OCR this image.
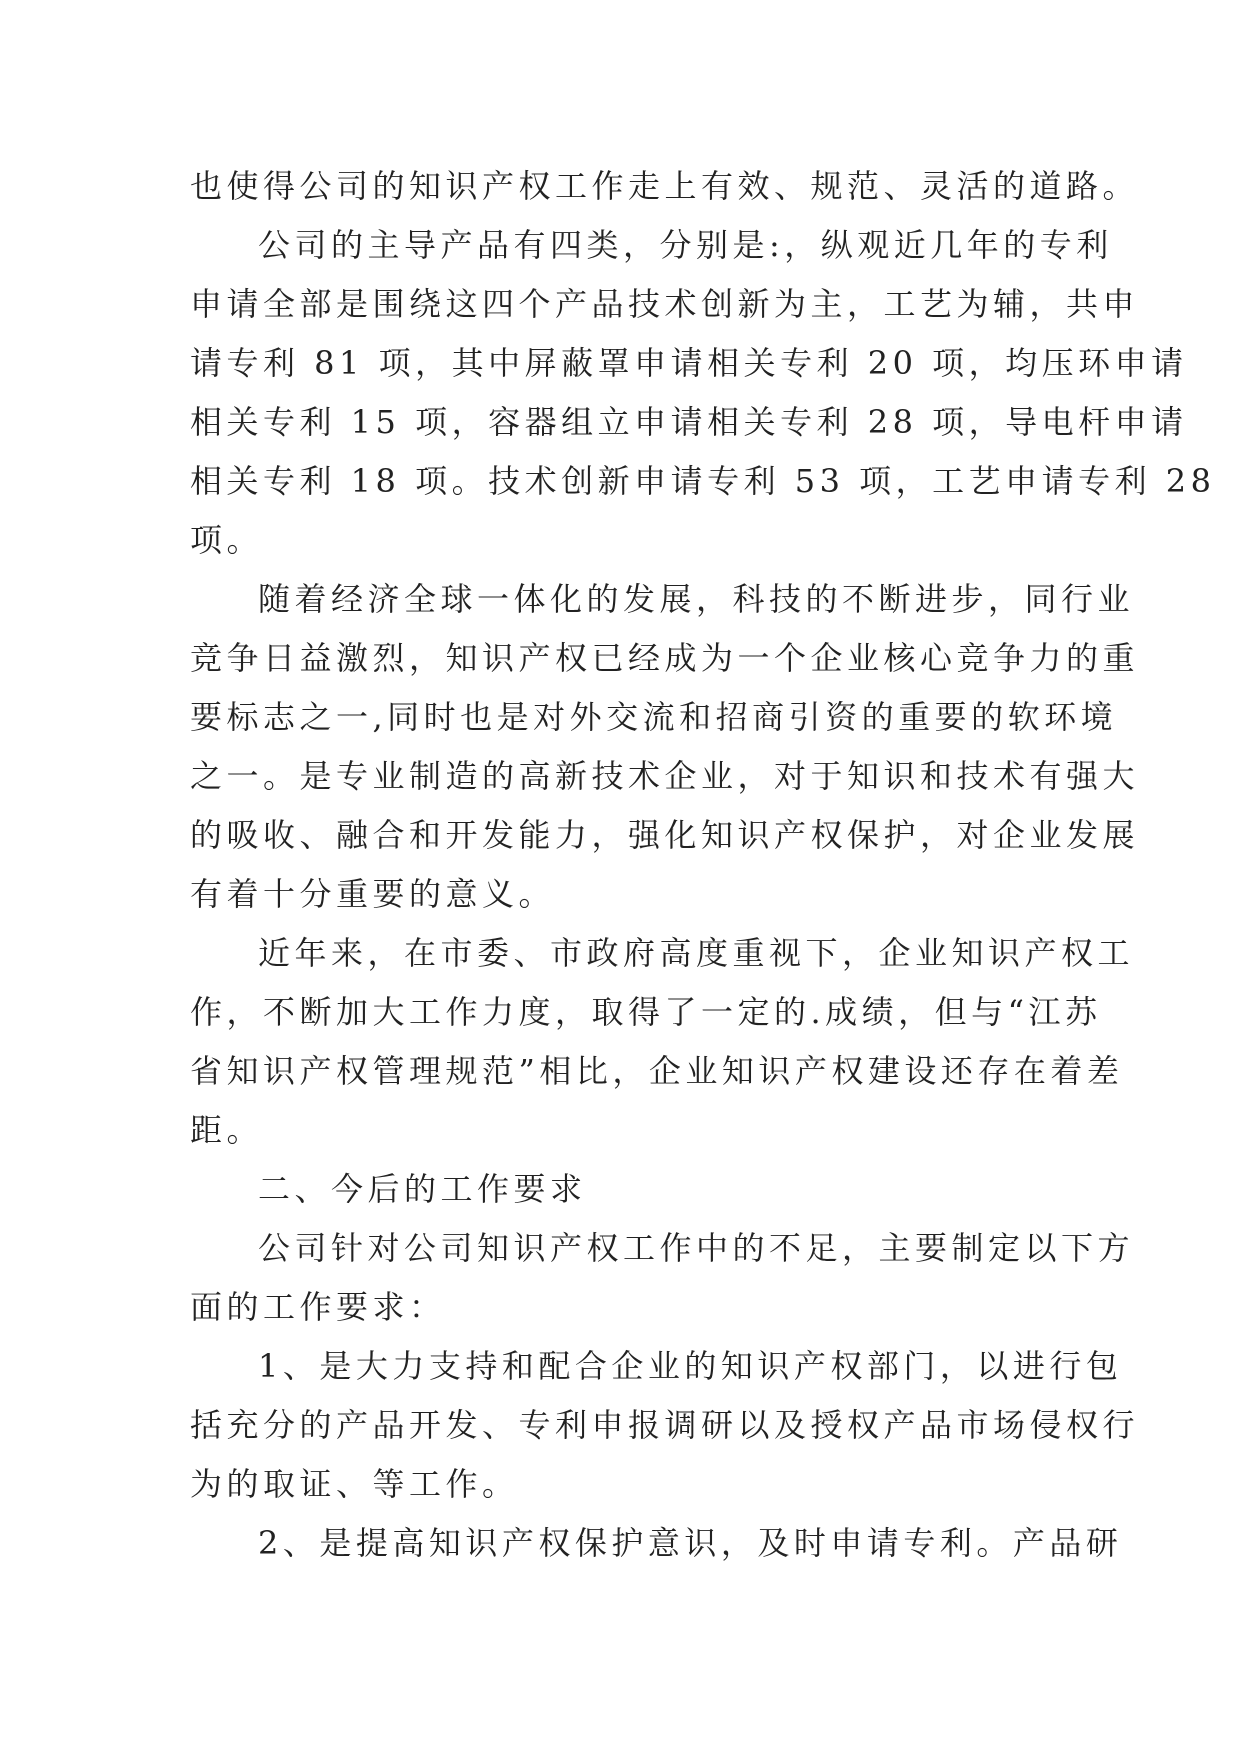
也使得公司的知识产权工作走上有效、规范、灵活的道路。
公司的主导产品有四类，分别是:，纵观近几年的专利
申请全部是围绕这四个产品技术创新为主，工艺为辅，共申
请专利 81 项，其中屏蔽罩申请相关专利 20 项，均压环申请
相关专利 15 项，容器组立申请相关专利 28 项，导电杆申请
相关专利 18 项。技术创新申请专利 53 项，工艺申请专利 28
项。
随着经济全球一体化的发展，科技的不断进步，同行业
竞争日益激烈，知识产权已经成为一个企业核心竞争力的重
要标志之一,同时也是对外交流和招商引资的重要的软环境
之一。是专业制造的高新技术企业，对于知识和技术有强大
的吸收、融合和开发能力，强化知识产权保护，对企业发展
有着十分重要的意义。
近年来，在市委、市政府高度重视下，企业知识产权工
作，不断加大工作力度，取得了一定的.成绩，但与“江苏
省知识产权管理规范”相比，企业知识产权建设还存在着差
距。
二、今后的工作要求
公司针对公司知识产权工作中的不足，主要制定以下方
面的工作要求：
1、是大力支持和配合企业的知识产权部门，以进行包
括充分的产品开发、专利申报调研以及授权产品市场侵权行
为的取证、等工作。
2、是提高知识产权保护意识，及时申请专利。产品研
